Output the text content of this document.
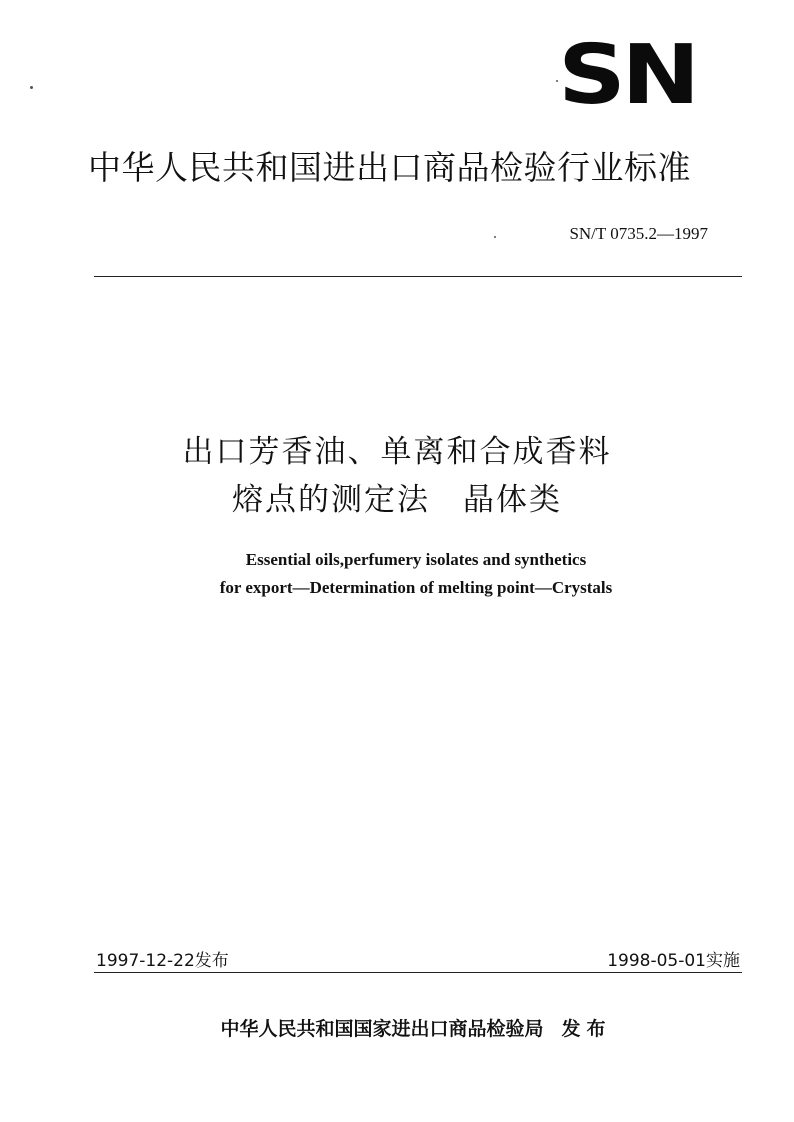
SN
中华人民共和国进出口商品检验行业标准
SN/T 0735.2—1997
出口芳香油、单离和合成香料
熔点的测定法　晶体类
Essential oils,perfumery isolates and synthetics
for export—Determination of melting point—Crystals
1997-12-22发布	1998-05-01实施
中华人民共和国国家进出口商品检验局 发布
